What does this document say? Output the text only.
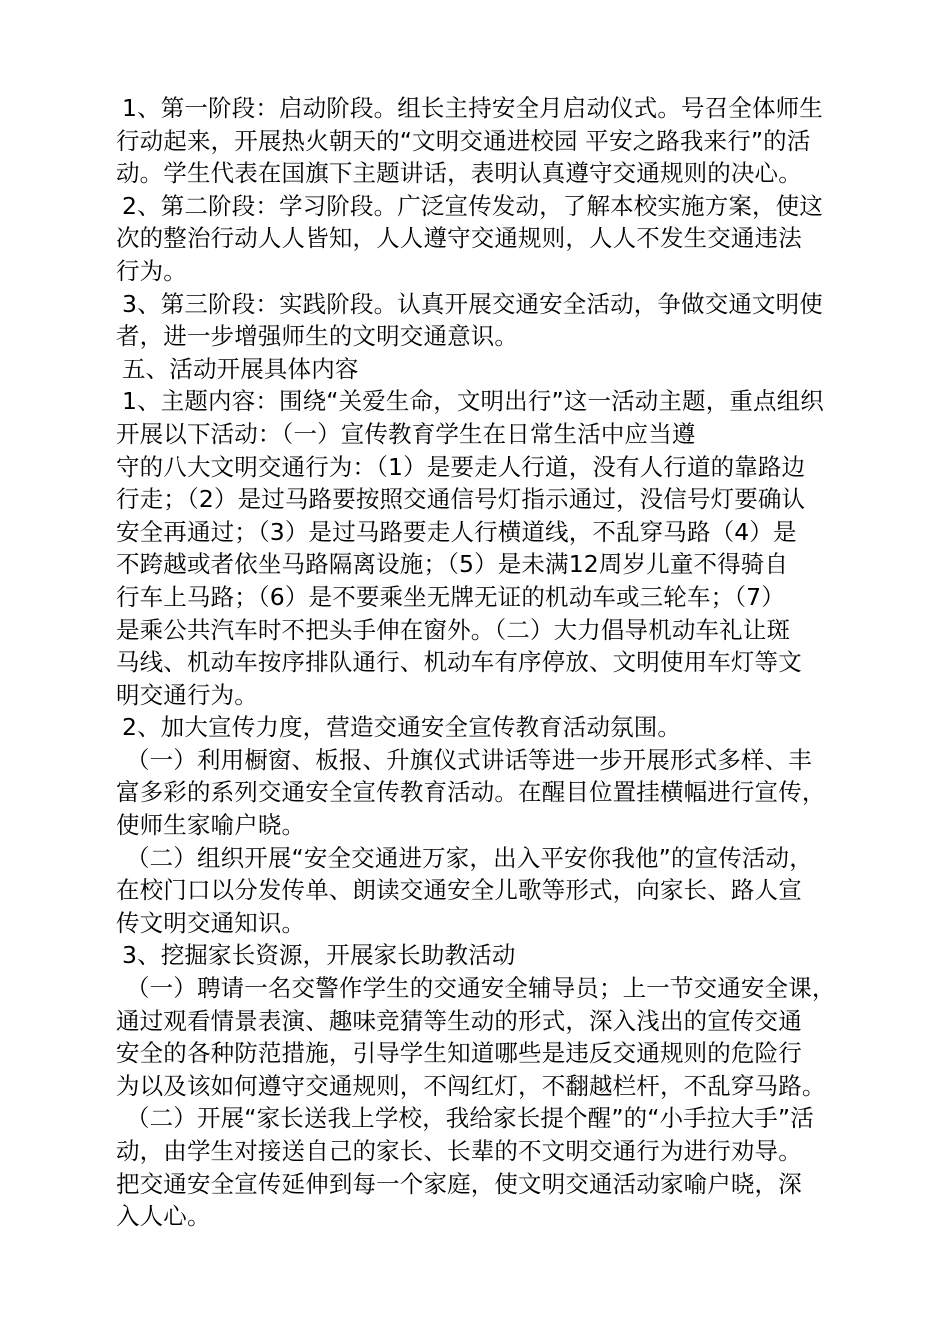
1、第一阶段：启动阶段。组长主持安全月启动仪式。号召全体师生
行动起来，开展热火朝天的“文明交通进校园 平安之路我来行”的活
动。学生代表在国旗下主题讲话，表明认真遵守交通规则的决心。
2、第二阶段：学习阶段。广泛宣传发动，了解本校实施方案，使这
次的整治行动人人皆知，人人遵守交通规则，人人不发生交通违法
行为。
3、第三阶段：实践阶段。认真开展交通安全活动，争做交通文明使
者，进一步增强师生的文明交通意识。
五、活动开展具体内容
1、主题内容：围绕“关爱生命，文明出行”这一活动主题，重点组织
开展以下活动：（一）宣传教育学生在日常生活中应当遵
守的八大文明交通行为：（1）是要走人行道，没有人行道的靠路边
行走；（2）是过马路要按照交通信号灯指示通过，没信号灯要确认
安全再通过；（3）是过马路要走人行横道线，不乱穿马路（4）是
不跨越或者依坐马路隔离设施；（5）是未满12周岁儿童不得骑自
行车上马路；（6）是不要乘坐无牌无证的机动车或三轮车；（7）
是乘公共汽车时不把头手伸在窗外。（二）大力倡导机动车礼让斑
马线、机动车按序排队通行、机动车有序停放、文明使用车灯等文
明交通行为。
2、加大宣传力度，营造交通安全宣传教育活动氛围。
（一）利用橱窗、板报、升旗仪式讲话等进一步开展形式多样、丰
富多彩的系列交通安全宣传教育活动。在醒目位置挂横幅进行宣传，
使师生家喻户晓。
（二）组织开展“安全交通进万家，出入平安你我他”的宣传活动，
在校门口以分发传单、朗读交通安全儿歌等形式，向家长、路人宣
传文明交通知识。
3、挖掘家长资源，开展家长助教活动
（一）聘请一名交警作学生的交通安全辅导员；上一节交通安全课，
通过观看情景表演、趣味竞猜等生动的形式，深入浅出的宣传交通
安全的各种防范措施，引导学生知道哪些是违反交通规则的危险行
为以及该如何遵守交通规则，不闯红灯，不翻越栏杆，不乱穿马路。
（二）开展“家长送我上学校，我给家长提个醒”的“小手拉大手”活
动，由学生对接送自己的家长、长辈的不文明交通行为进行劝导。
把交通安全宣传延伸到每一个家庭，使文明交通活动家喻户晓，深
入人心。
